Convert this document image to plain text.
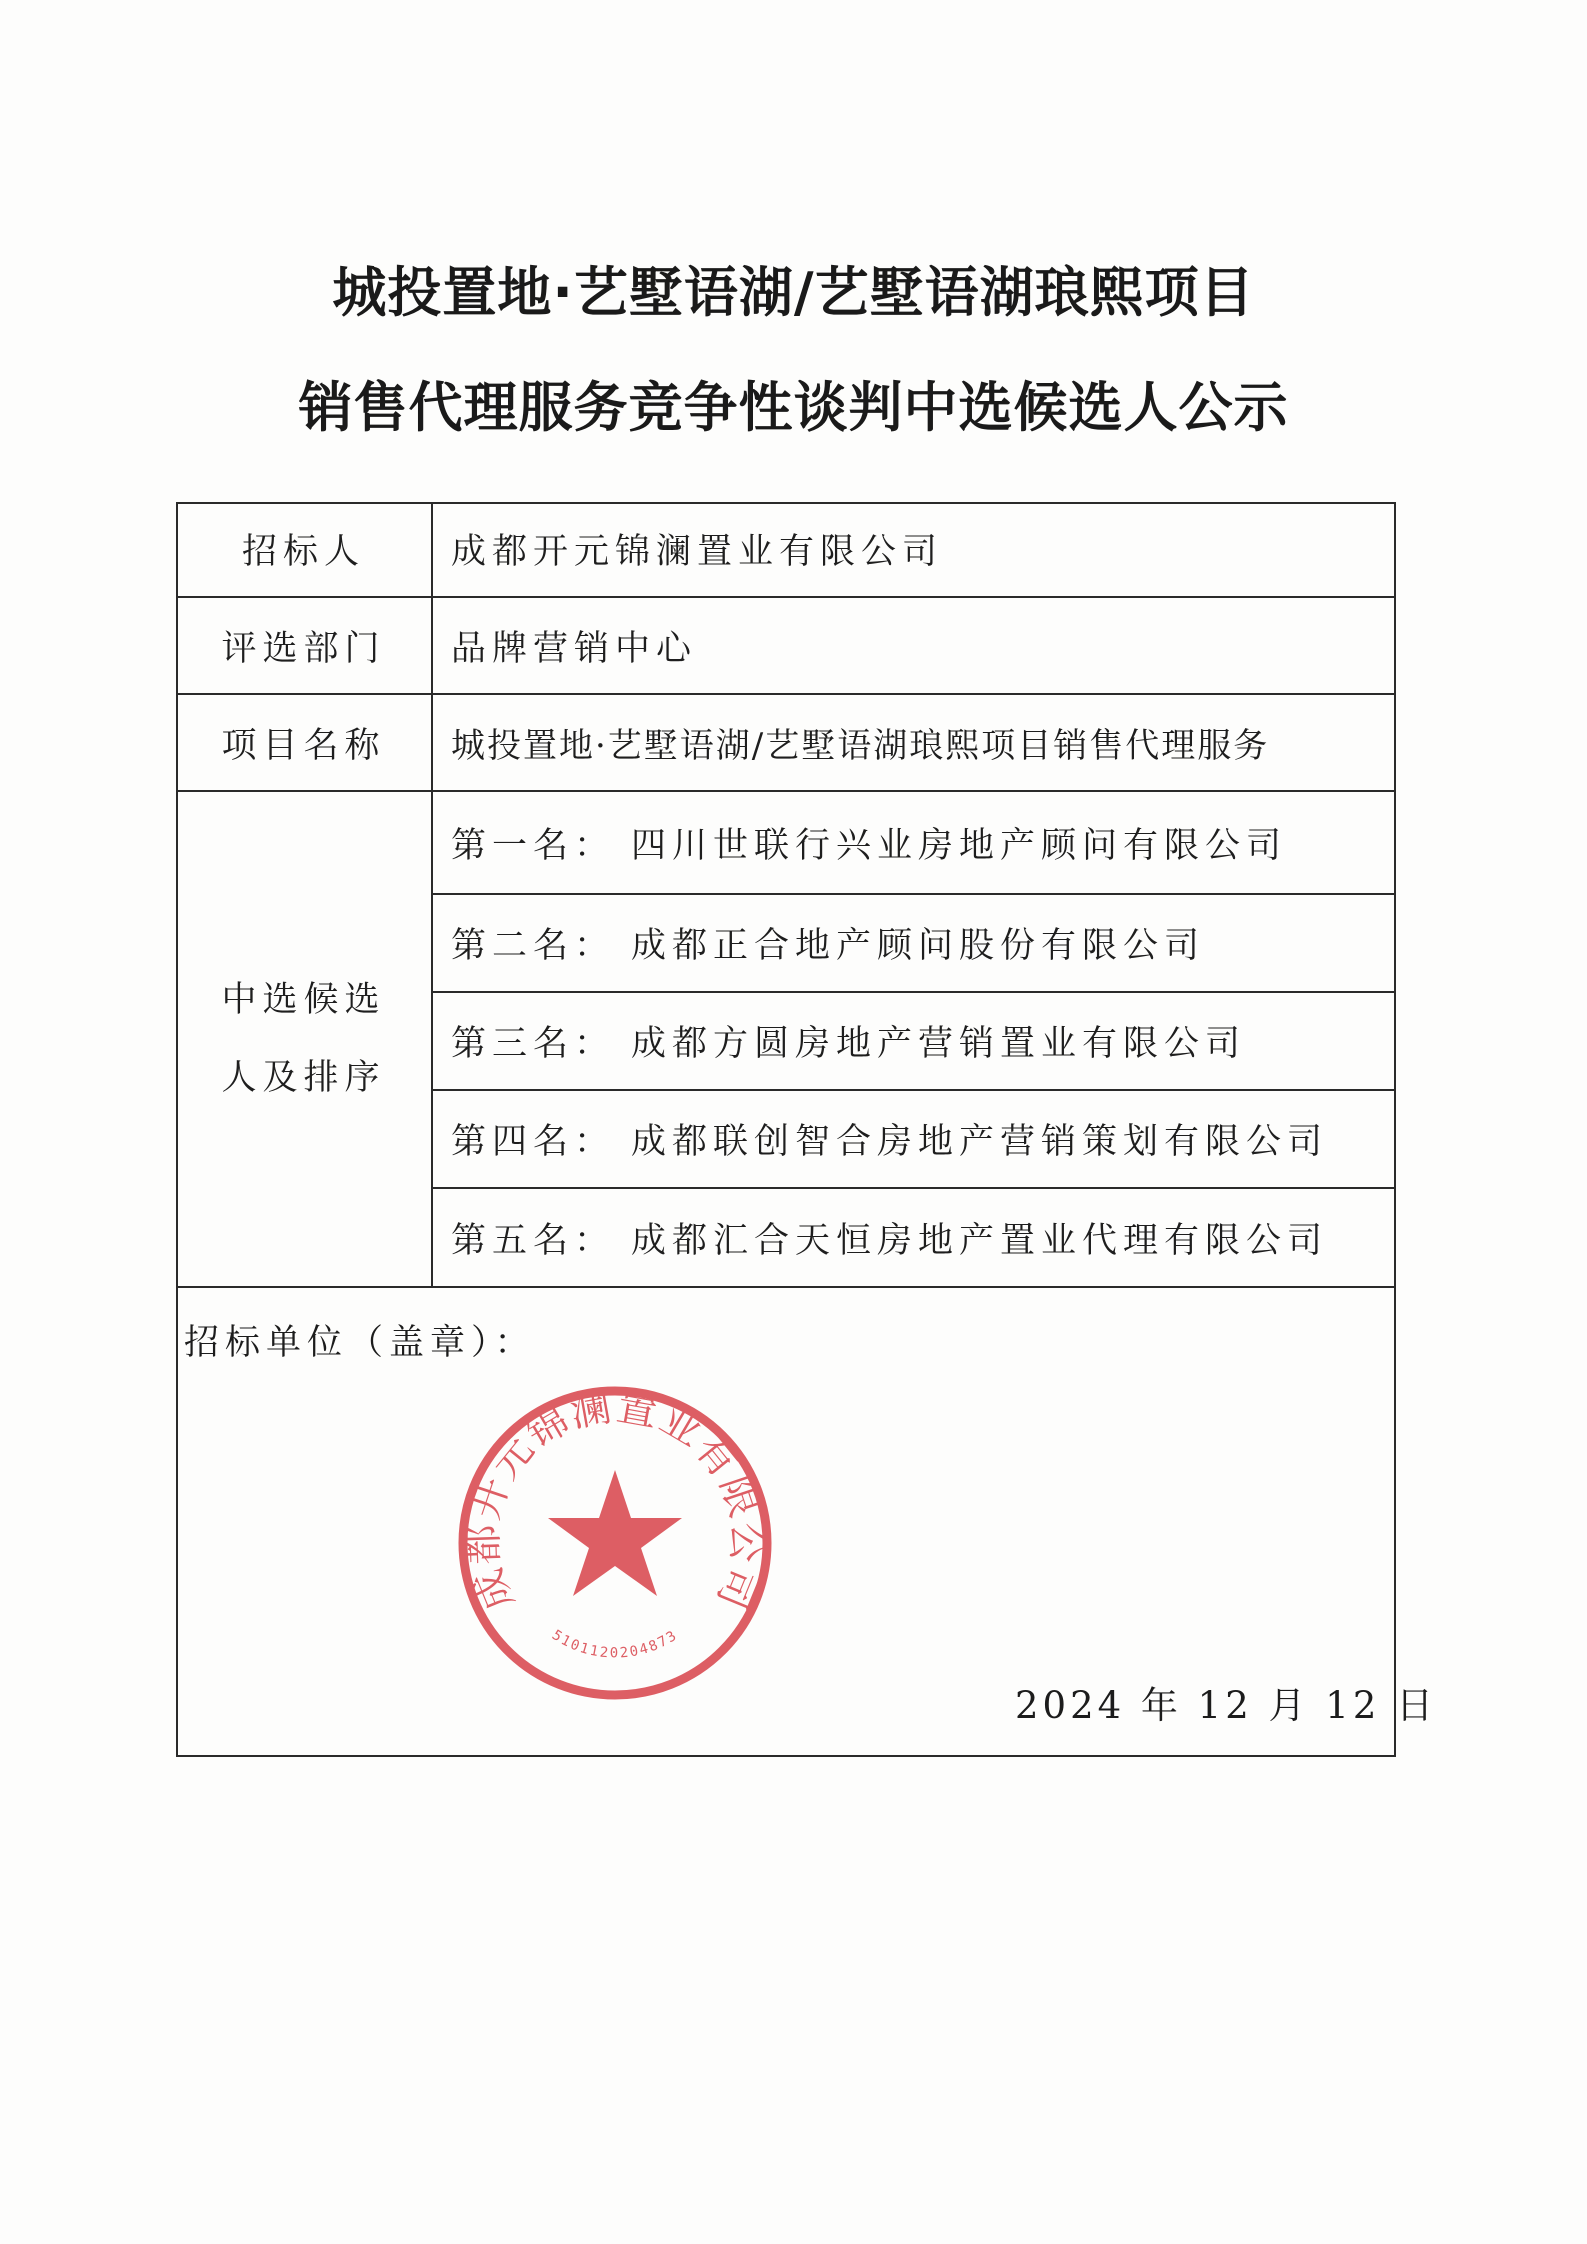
城投置地·艺墅语湖/艺墅语湖琅熙项目
销售代理服务竞争性谈判中选候选人公示
招标人	成都开元锦澜置业有限公司
评选部门	品牌营销中心
项目名称	城投置地·艺墅语湖/艺墅语湖琅熙项目销售代理服务
中选候选
人及排序
第一名： 四川世联行兴业房地产顾问有限公司
第二名： 成都正合地产顾问股份有限公司
第三名： 成都方圆房地产营销置业有限公司
第四名： 成都联创智合房地产营销策划有限公司
第五名： 成都汇合天恒房地产置业代理有限公司
招标单位（盖章）：
成都开元锦澜置业有限公司
5101120204873
2024 年 12 月 12 日
